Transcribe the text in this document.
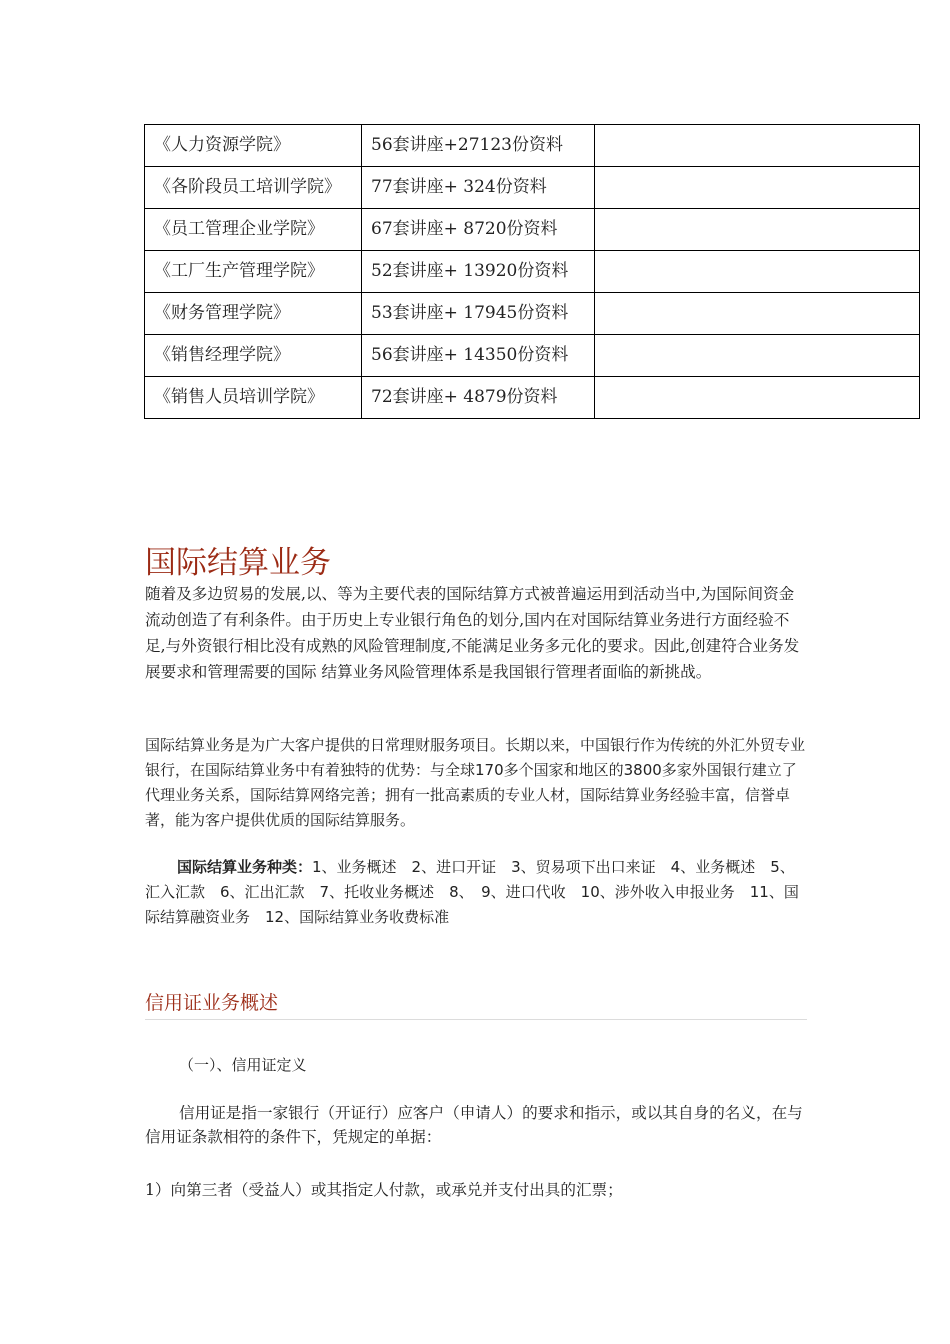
《人力资源学院》	56套讲座+27123份资料	
《各阶段员工培训学院》	77套讲座+ 324份资料	
《员工管理企业学院》	67套讲座+ 8720份资料	
《工厂生产管理学院》	52套讲座+ 13920份资料	
《财务管理学院》	53套讲座+ 17945份资料	
《销售经理学院》	56套讲座+ 14350份资料	
《销售人员培训学院》	72套讲座+ 4879份资料	
国际结算业务

随着及多边贸易的发展,以、等为主要代表的国际结算方式被普遍运用到活动当中,为国际间资金流动创造了有利条件。由于历史上专业银行角色的划分,国内在对国际结算业务进行方面经验不足,与外资银行相比没有成熟的风险管理制度,不能满足业务多元化的要求。因此,创建符合业务发展要求和管理需要的国际 结算业务风险管理体系是我国银行管理者面临的新挑战。

国际结算业务是为广大客户提供的日常理财服务项目。长期以来，中国银行作为传统的外汇外贸专业银行，在国际结算业务中有着独特的优势：与全球170多个国家和地区的3800多家外国银行建立了代理业务关系，国际结算网络完善；拥有一批高素质的专业人材，国际结算业务经验丰富，信誉卓著，能为客户提供优质的国际结算服务。

国际结算业务种类：1、业务概述　2、进口开证　3、贸易项下出口来证　4、业务概述　5、汇入汇款　6、汇出汇款　7、托收业务概述　8、　9、进口代收　10、涉外收入申报业务　11、国际结算融资业务　12、国际结算业务收费标准

信用证业务概述

（一）、信用证定义

信用证是指一家银行（开证行）应客户（申请人）的要求和指示，或以其自身的名义，在与信用证条款相符的条件下，凭规定的单据：

1）向第三者（受益人）或其指定人付款，或承兑并支付出具的汇票；
